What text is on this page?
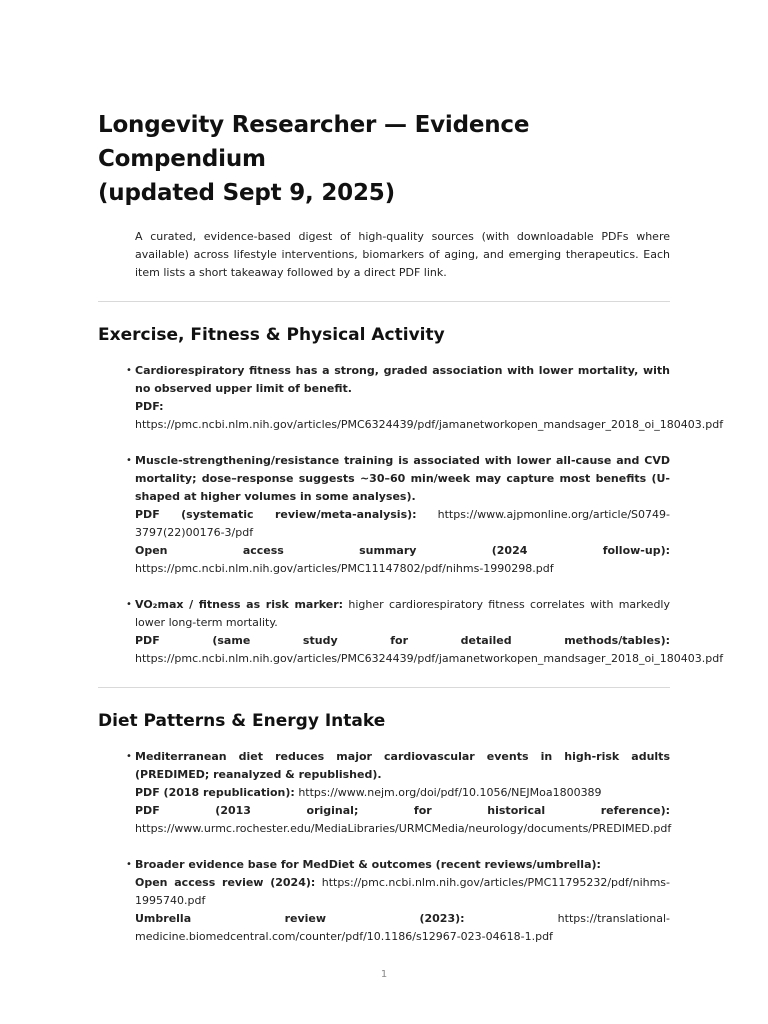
Longevity Researcher — Evidence Compendium
(updated Sept 9, 2025)

A curated, evidence-based digest of high-quality sources (with downloadable PDFs where available) across lifestyle interventions, biomarkers of aging, and emerging therapeutics. Each item lists a short takeaway followed by a direct PDF link.

Exercise, Fitness & Physical Activity
• Cardiorespiratory fitness has a strong, graded association with lower mortality, with no observed upper limit of benefit.
PDF: https://pmc.ncbi.nlm.nih.gov/articles/PMC6324439/pdf/jamanetworkopen_mandsager_2018_oi_180403.pdf
• Muscle-strengthening/resistance training is associated with lower all-cause and CVD mortality; dose–response suggests ~30–60 min/week may capture most benefits (U-shaped at higher volumes in some analyses).
PDF (systematic review/meta-analysis): https://www.ajpmonline.org/article/S0749-3797(22)00176-3/pdf
Open access summary (2024 follow-up): https://pmc.ncbi.nlm.nih.gov/articles/PMC11147802/pdf/nihms-1990298.pdf
• VO₂max / fitness as risk marker: higher cardiorespiratory fitness correlates with markedly lower long-term mortality.
PDF (same study for detailed methods/tables): https://pmc.ncbi.nlm.nih.gov/articles/PMC6324439/pdf/jamanetworkopen_mandsager_2018_oi_180403.pdf
Diet Patterns & Energy Intake
• Mediterranean diet reduces major cardiovascular events in high-risk adults (PREDIMED; reanalyzed & republished).
PDF (2018 republication): https://www.nejm.org/doi/pdf/10.1056/NEJMoa1800389
PDF (2013 original; for historical reference): https://www.urmc.rochester.edu/MediaLibraries/URMCMedia/neurology/documents/PREDIMED.pdf
• Broader evidence base for MedDiet & outcomes (recent reviews/umbrella):
Open access review (2024): https://pmc.ncbi.nlm.nih.gov/articles/PMC11795232/pdf/nihms-1995740.pdf
Umbrella review (2023):	https://translational-medicine.biomedcentral.com/counter/pdf/10.1186/s12967-023-04618-1.pdf
1
